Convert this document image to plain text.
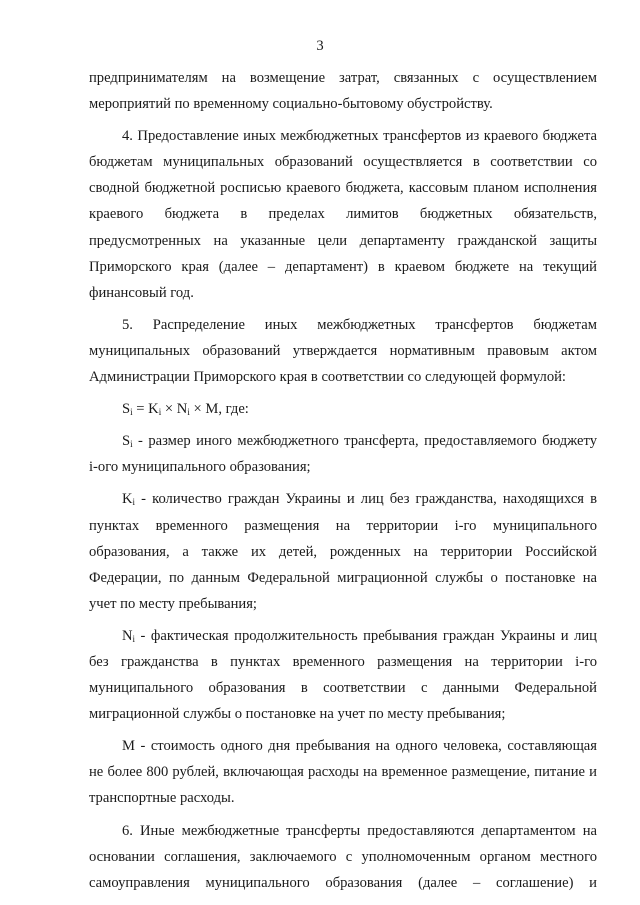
3

предпринимателям на возмещение затрат, связанных с осуществлением мероприятий по временному социально-бытовому обустройству.

4. Предоставление иных межбюджетных трансфертов из краевого бюджета бюджетам муниципальных образований осуществляется в соответствии со сводной бюджетной росписью краевого бюджета, кассовым планом исполнения краевого бюджета в пределах лимитов бюджетных обязательств, предусмотренных на указанные цели департаменту гражданской защиты Приморского края (далее – департамент) в краевом бюджете на текущий финансовый год.

5. Распределение иных межбюджетных трансфертов бюджетам муниципальных образований утверждается нормативным правовым актом Администрации Приморского края в соответствии со следующей формулой:

$S_i = K_i \times N_i \times M$, где:

$S_i$ - размер иного межбюджетного трансферта, предоставляемого бюджету i-ого муниципального образования;

$K_i$ - количество граждан Украины и лиц без гражданства, находящихся в пунктах временного размещения на территории i-го муниципального образования, а также их детей, рожденных на территории Российской Федерации, по данным Федеральной миграционной службы о постановке на учет по месту пребывания;

$N_i$ - фактическая продолжительность пребывания граждан Украины и лиц без гражданства в пунктах временного размещения на территории i-го муниципального образования в соответствии с данными Федеральной миграционной службы о постановке на учет по месту пребывания;

М - стоимость одного дня пребывания на одного человека, составляющая не более 800 рублей, включающая расходы на временное размещение, питание и транспортные расходы.

6. Иные межбюджетные трансферты предоставляются департаментом на основании соглашения, заключаемого с уполномоченным органом местного самоуправления муниципального образования (далее – соглашение) и
